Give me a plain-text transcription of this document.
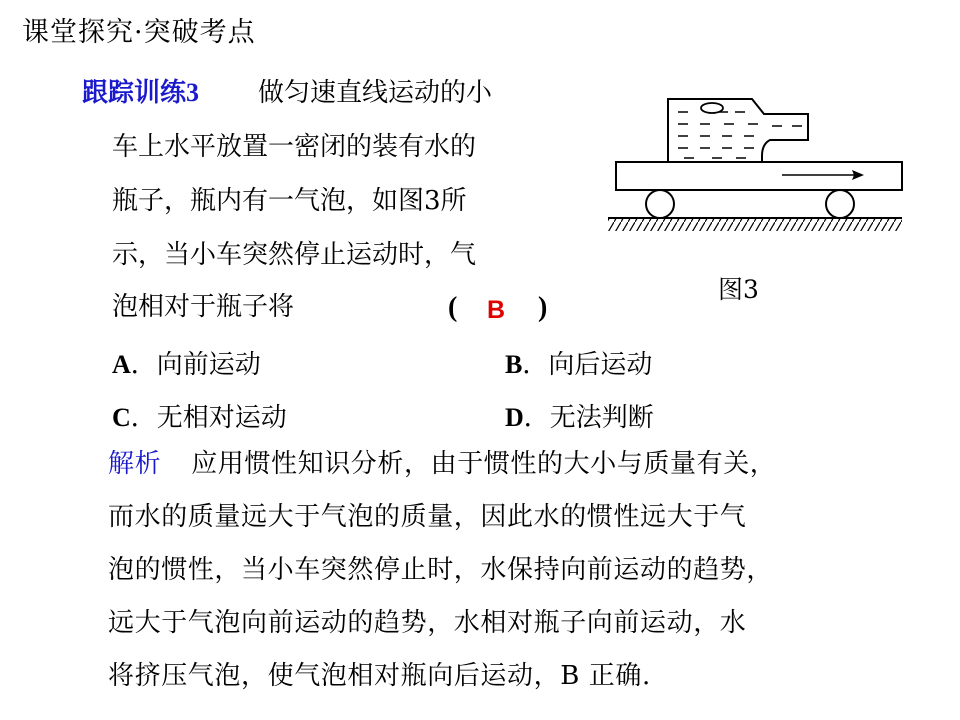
课堂探究·突破考点
跟踪训练3 做匀速直线运动的小
车上水平放置一密闭的装有水的
瓶子，瓶内有一气泡，如图3所
示，当小车突然停止运动时，气
泡相对于瓶子将	( B )
A．向前运动	B．向后运动
C．无相对运动	D．无法判断
解析 应用惯性知识分析，由于惯性的大小与质量有关，
而水的质量远大于气泡的质量，因此水的惯性远大于气
泡的惯性，当小车突然停止时，水保持向前运动的趋势，
远大于气泡向前运动的趋势，水相对瓶子向前运动，水
将挤压气泡，使气泡相对瓶向后运动，B 正确.
图3
